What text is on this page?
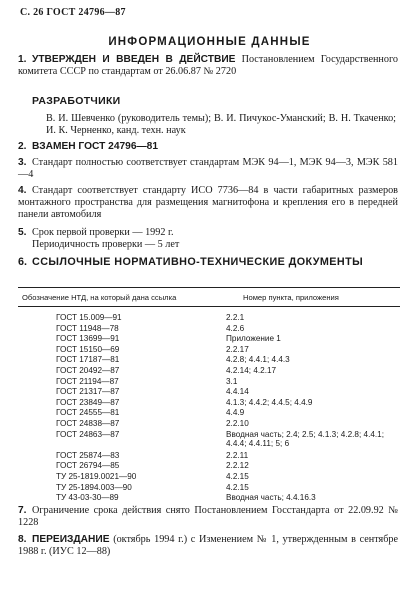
С. 26 ГОСТ 24796—87
ИНФОРМАЦИОННЫЕ ДАННЫЕ
1. УТВЕРЖДЕН И ВВЕДЕН В ДЕЙСТВИЕ Постановлением Государственного комитета СССР по стандартам от 26.06.87 № 2720
РАЗРАБОТЧИКИ
В. И. Шевченко (руководитель темы); В. И. Пичукос-Уманский; В. Н. Ткаченко; И. К. Черненко, канд. техн. наук
2. ВЗАМЕН ГОСТ 24796—81
3. Стандарт полностью соответствует стандартам МЭК 94—1, МЭК 94—3, МЭК 581—4
4. Стандарт соответствует стандарту ИСО 7736—84 в части габаритных размеров монтажного пространства для размещения магнитофона и крепления его в передней панели автомобиля
5. Срок первой проверки — 1992 г.
Периодичность проверки — 5 лет
6. ССЫЛОЧНЫЕ НОРМАТИВНО-ТЕХНИЧЕСКИЕ ДОКУМЕНТЫ
Обозначение НТД, на который дана ссылка	Номер пункта, приложения
ГОСТ 15.009—91	2.2.1
ГОСТ 11948—78	4.2.6
ГОСТ 13699—91	Приложение 1
ГОСТ 15150—69	2.2.17
ГОСТ 17187—81	4.2.8; 4.4.1; 4.4.3
ГОСТ 20492—87	4.2.14; 4.2.17
ГОСТ 21194—87	3.1
ГОСТ 21317—87	4.4.14
ГОСТ 23849—87	4.1.3; 4.4.2; 4.4.5; 4.4.9
ГОСТ 24555—81	4.4.9
ГОСТ 24838—87	2.2.10
ГОСТ 24863—87	Вводная часть; 2.4; 2.5; 4.1.3; 4.2.8; 4.4.1; 4.4.4; 4.4.11; 5; 6
ГОСТ 25874—83	2.2.11
ГОСТ 26794—85	2.2.12
ТУ 25-1819.0021—90	4.2.15
ТУ 25-1894.003—90	4.2.15
ТУ 43-03-30—89	Вводная часть; 4.4.16.3
7. Ограничение срока действия снято Постановлением Госстандарта от 22.09.92 № 1228
8. ПЕРЕИЗДАНИЕ (октябрь 1994 г.) с Изменением № 1, утвержденным в сентябре 1988 г. (ИУС 12—88)
